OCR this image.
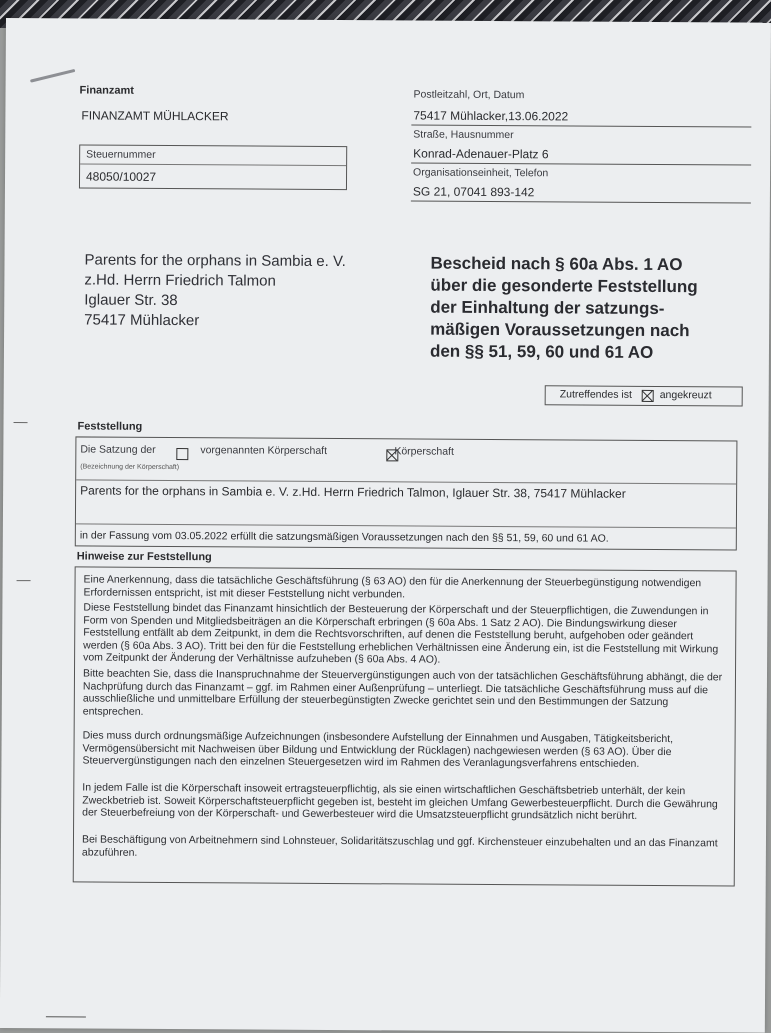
Finanzamt
FINANZAMT MÜHLACKER
Steuernummer
48050/10027
Postleitzahl, Ort, Datum
75417 Mühlacker,13.06.2022
Straße, Hausnummer
Konrad-Adenauer-Platz 6
Organisationseinheit, Telefon
SG 21, 07041 893-142
Parents for the orphans in Sambia e. V.
z.Hd. Herrn Friedrich Talmon
Iglauer Str. 38
75417 Mühlacker
Bescheid nach § 60a Abs. 1 AO
über die gesonderte Feststellung
der Einhaltung der satzungs-
mäßigen Voraussetzungen nach
den §§ 51, 59, 60 und 61 AO
Zutreffendes ist	angekreuzt
Feststellung
Die Satzung der
	vorgenannten Körperschaft	Körperschaft
(Bezeichnung der Körperschaft)
Parents for the orphans in Sambia e. V. z.Hd. Herrn Friedrich Talmon, Iglauer Str. 38, 75417 Mühlacker
in der Fassung vom 03.05.2022 erfüllt die satzungsmäßigen Voraussetzungen nach den §§ 51, 59, 60 und 61 AO.
Hinweise zur Feststellung
Eine Anerkennung, dass die tatsächliche Geschäftsführung (§ 63 AO) den für die Anerkennung der Steuerbegünstigung notwendigen Erfordernissen entspricht, ist mit dieser Feststellung nicht verbunden.
Diese Feststellung bindet das Finanzamt hinsichtlich der Besteuerung der Körperschaft und der Steuerpflichtigen, die Zuwendungen in Form von Spenden und Mitgliedsbeiträgen an die Körperschaft erbringen (§ 60a Abs. 1 Satz 2 AO). Die Bindungswirkung dieser Feststellung entfällt ab dem Zeitpunkt, in dem die Rechtsvorschriften, auf denen die Feststellung beruht, aufgehoben oder geändert werden (§ 60a Abs. 3 AO). Tritt bei den für die Feststellung erheblichen Verhältnissen eine Änderung ein, ist die Feststellung mit Wirkung vom Zeitpunkt der Änderung der Verhältnisse aufzuheben (§ 60a Abs. 4 AO).
Bitte beachten Sie, dass die Inanspruchnahme der Steuervergünstigungen auch von der tatsächlichen Geschäftsführung abhängt, die der Nachprüfung durch das Finanzamt – ggf. im Rahmen einer Außenprüfung – unterliegt. Die tatsächliche Geschäftsführung muss auf die ausschließliche und unmittelbare Erfüllung der steuerbegünstigten Zwecke gerichtet sein und den Bestimmungen der Satzung entsprechen.
Dies muss durch ordnungsmäßige Aufzeichnungen (insbesondere Aufstellung der Einnahmen und Ausgaben, Tätigkeitsbericht, Vermögensübersicht mit Nachweisen über Bildung und Entwicklung der Rücklagen) nachgewiesen werden (§ 63 AO). Über die Steuervergünstigungen nach den einzelnen Steuergesetzen wird im Rahmen des Veranlagungsverfahrens entschieden.
In jedem Falle ist die Körperschaft insoweit ertragsteuerpflichtig, als sie einen wirtschaftlichen Geschäftsbetrieb unterhält, der kein Zweckbetrieb ist. Soweit Körperschaftsteuerpflicht gegeben ist, besteht im gleichen Umfang Gewerbesteuerpflicht. Durch die Gewährung der Steuerbefreiung von der Körperschaft- und Gewerbesteuer wird die Umsatzsteuerpflicht grundsätzlich nicht berührt.
Bei Beschäftigung von Arbeitnehmern sind Lohnsteuer, Solidaritätszuschlag und ggf. Kirchensteuer einzubehalten und an das Finanzamt abzuführen.
